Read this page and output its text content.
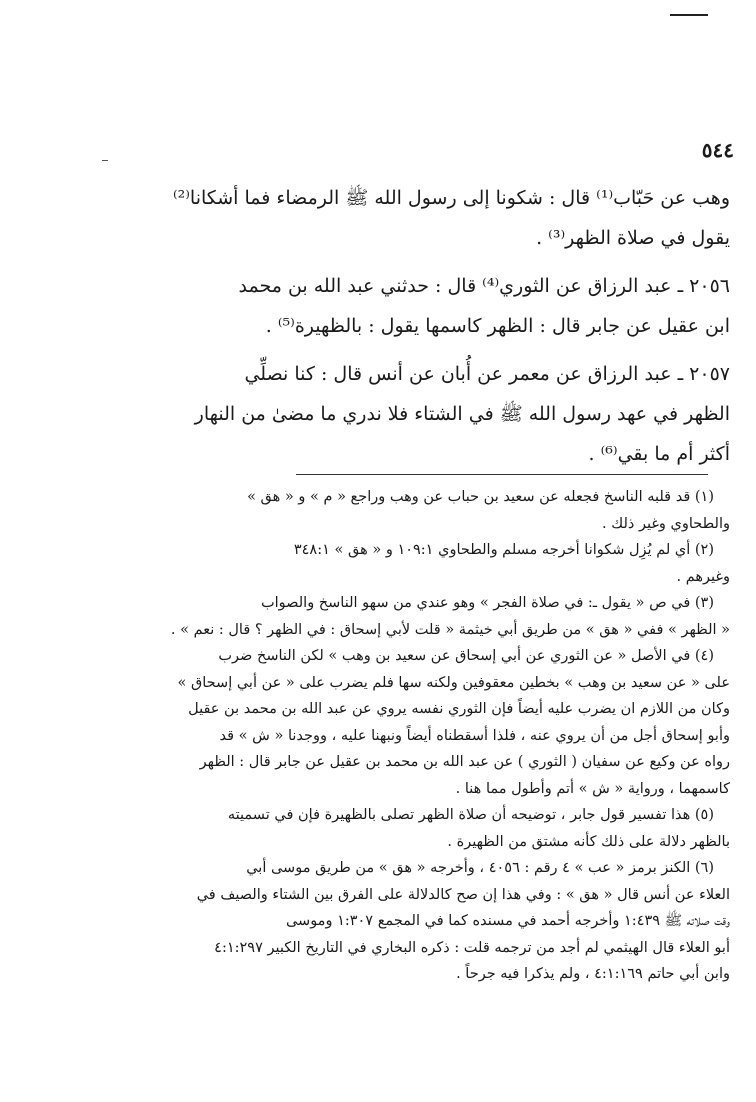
٥٤٤
وهب عن حَبّاب⁽¹⁾ قال : شكونا إلى رسول الله ﷺ الرمضاء فما أشكانا⁽²⁾
يقول في صلاة الظهر⁽³⁾ .
٢٠٥٦ ـ عبد الرزاق عن الثوري⁽⁴⁾ قال : حدثني عبد الله بن محمد
ابن عقيل عن جابر قال : الظهر كاسمها يقول : بالظهيرة⁽⁵⁾ .
٢٠٥٧ ـ عبد الرزاق عن معمر عن أُبان عن أنس قال : كنا نصلِّي
الظهر في عهد رسول الله ﷺ في الشتاء فلا ندري ما مضىٰ من النهار
أكثر أم ما بقي⁽⁶⁾ .
(١) قد قلبه الناسخ فجعله عن سعيد بن حباب عن وهب وراجع « م » و « هق »
والطحاوي وغير ذلك .
(٢) أي لم يُزِل شكوانا أخرجه مسلم والطحاوي ١٠٩:١ و « هق » ٣٤٨:١
وغيرهم .
(٣) في ص « يقول ـ: في صلاة الفجر » وهو عندي من سهو الناسخ والصواب
« الظهر » ففي « هق » من طريق أبي خيثمة « قلت لأبي إسحاق : في الظهر ؟ قال : نعم » .
(٤) في الأصل « عن الثوري عن أبي إسحاق عن سعيد بن وهب » لكن الناسخ ضرب
على « عن سعيد بن وهب » بخطين معقوفين ولكنه سها فلم يضرب على « عن أبي إسحاق »
وكان من اللازم ان يضرب عليه أيضاً فإن الثوري نفسه يروي عن عبد الله بن محمد بن عقيل
وأبو إسحاق أجل من أن يروي عنه ، فلذا أسقطناه أيضاً ونبهنا عليه ، ووجدنا « ش » قد
رواه عن وكيع عن سفيان ( الثوري ) عن عبد الله بن محمد بن عقيل عن جابر قال : الظهر
كاسمهما ، ورواية « ش » أتم وأطول مما هنا .
(٥) هذا تفسير قول جابر ، توضيحه أن صلاة الظهر تصلى بالظهيرة فإن في تسميته
بالظهر دلالة على ذلك كأنه مشتق من الظهيرة .
(٦) الكنز برمز « عب » ٤ رقم : ٤٠٥٦ ، وأخرجه « هق » من طريق موسى أبي
العلاء عن أنس قال « هق » : وفي هذا إن صح كالدلالة على الفرق بين الشتاء والصيف في
وقت صلاته ﷺ ١:٤٣٩ وأخرجه أحمد في مسنده كما في المجمع ١:٣٠٧ وموسى
أبو العلاء قال الهيثمي لم أجد من ترجمه قلت : ذكره البخاري في التاريخ الكبير ٤:١:٢٩٧
وابن أبي حاتم ٤:١:١٦٩ ، ولم يذكرا فيه جرحاً .
